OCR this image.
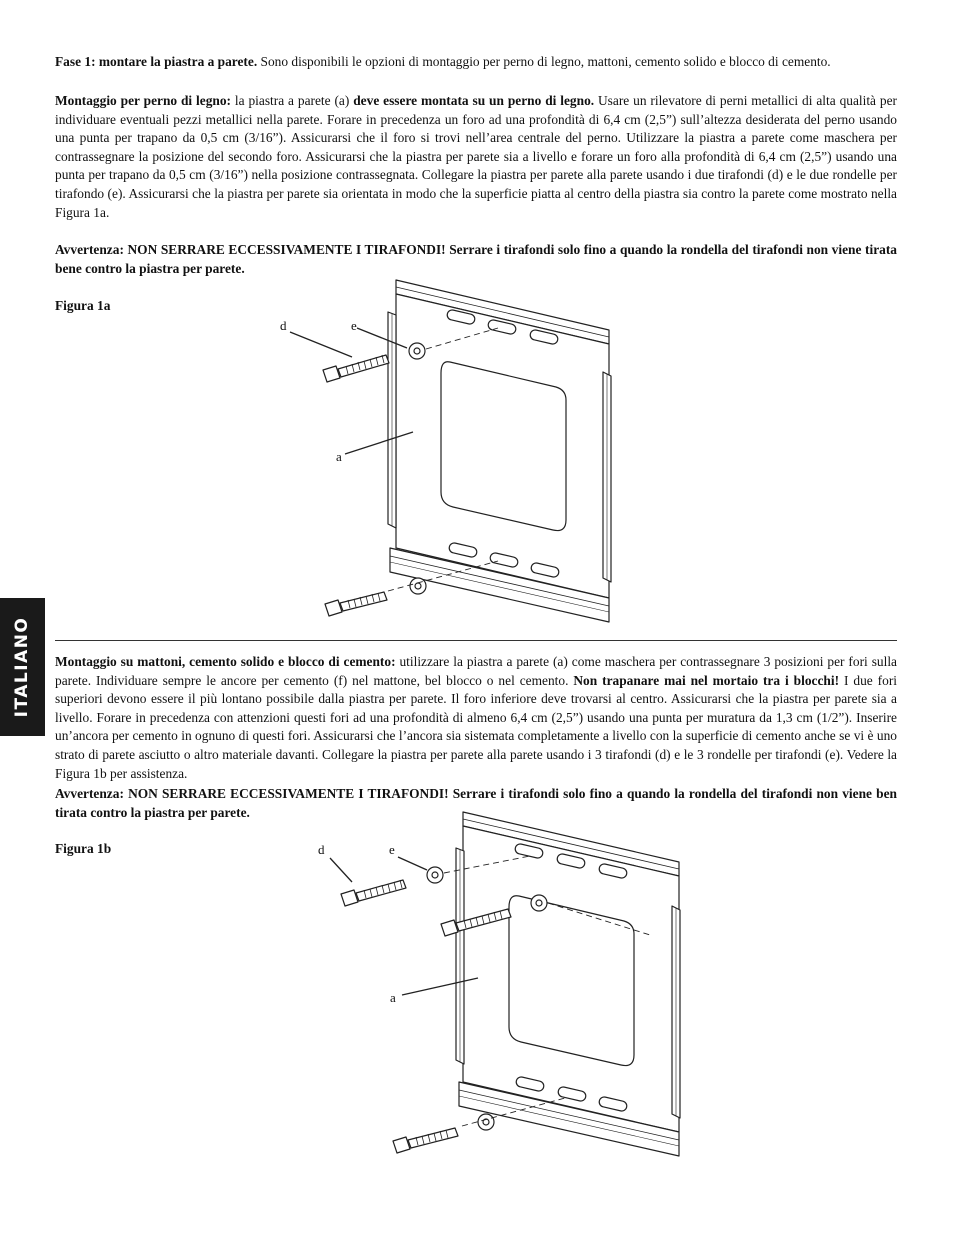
Fase 1: montare la piastra a parete. Sono disponibili le opzioni di montaggio per perno di legno, mattoni, cemento solido e blocco di cemento.

Montaggio per perno di legno: la piastra a parete (a) deve essere montata su un perno di legno. Usare un rilevatore di perni metallici di alta qualità per individuare eventuali pezzi metallici nella parete. Forare in precedenza un foro ad una profondità di 6,4 cm (2,5”) sull’altezza desiderata del perno usando una punta per trapano da 0,5 cm (3/16”). Assicurarsi che il foro si trovi nell’area centrale del perno. Utilizzare la piastra a parete come maschera per contrassegnare la posizione del secondo foro. Assicurarsi che la piastra per parete sia a livello e forare un foro alla profondità di 6,4 cm (2,5”) usando una punta per trapano da 0,5 cm (3/16”) nella posizione contrassegnata. Collegare la piastra per parete alla parete usando i due tirafondi (d) e le due rondelle per tirafondo (e). Assicurarsi che la piastra per parete sia orientata in modo che la superficie piatta al centro della piastra sia contro la parete come mostrato nella Figura 1a.

Avvertenza: NON SERRARE ECCESSIVAMENTE I TIRAFONDI! Serrare i tirafondi solo fino a quando la rondella del tirafondi non viene tirata bene contro la piastra per parete.

Figura 1a

Montaggio su mattoni, cemento solido e blocco di cemento: utilizzare la piastra a parete (a) come maschera per contrassegnare 3 posizioni per fori sulla parete. Individuare sempre le ancore per cemento (f) nel mattone, bel blocco o nel cemento. Non trapanare mai nel mortaio tra i blocchi! I due fori superiori devono essere il più lontano possibile dalla piastra per parete. Il foro inferiore deve trovarsi al centro. Assicurarsi che la piastra per parete sia a livello. Forare in precedenza con attenzioni questi fori ad una profondità di almeno 6,4 cm (2,5”) usando una punta per muratura da 1,3 cm (1/2”). Inserire un’ancora per cemento in ognuno di questi fori. Assicurarsi che l’ancora sia sistemata completamente a livello con la superficie di cemento anche se vi è uno strato di parete asciutto o altro materiale davanti. Collegare la piastra per parete alla parete usando i 3 tirafondi (d) e le 3 rondelle per tirafondi (e). Vedere la Figura 1b per assistenza.

Avvertenza: NON SERRARE ECCESSIVAMENTE I TIRAFONDI! Serrare i tirafondi solo fino a quando la rondella del tirafondi non viene ben tirata contro la piastra per parete.

Figura 1b
ITALIANO
d	e
a
d	e
a
